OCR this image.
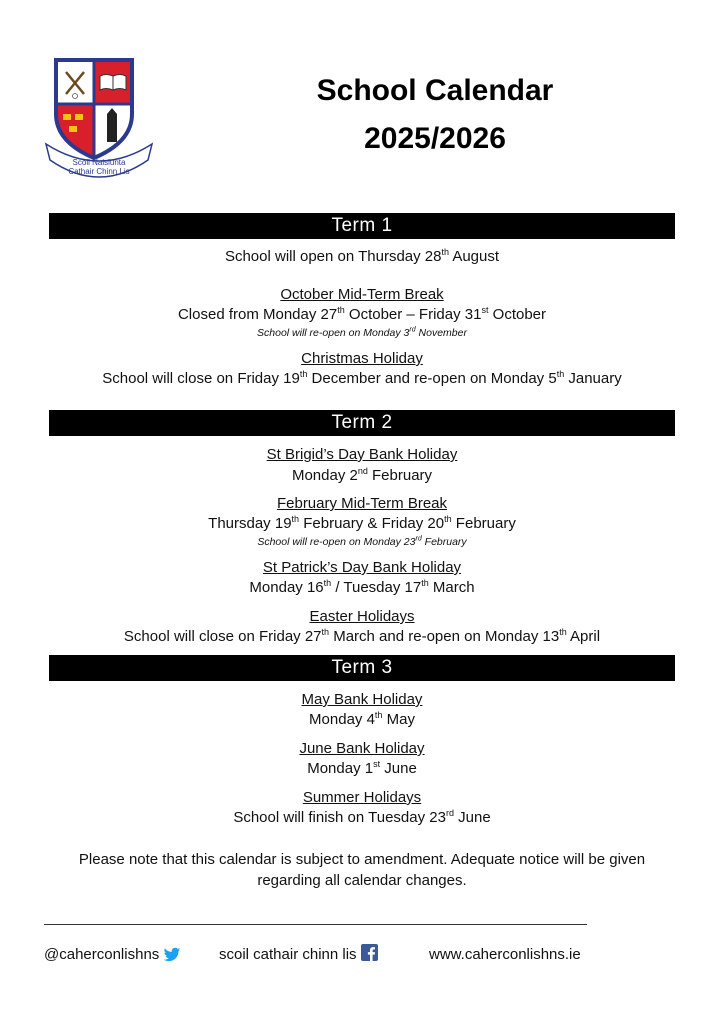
Scoil Naisiunta
Cathair Chinn Lis
School Calendar
2025/2026
Term 1
School will open on Thursday 28th August
October Mid-Term Break
Closed from Monday 27th October – Friday 31st October
School will re-open on Monday 3rd November
Christmas Holiday
School will close on Friday 19th December and re-open on Monday 5th January
Term 2
St Brigid’s Day Bank Holiday
Monday 2nd February
February Mid-Term Break
Thursday 19th February & Friday 20th February
School will re-open on Monday 23rd February
St Patrick’s Day Bank Holiday
Monday 16th / Tuesday 17th March
Easter Holidays
School will close on Friday 27th March and re-open on Monday 13th April
Term 3
May Bank Holiday
Monday 4th May
June Bank Holiday
Monday 1st June
Summer Holidays
School will finish on Tuesday 23rd June
Please note that this calendar is subject to amendment. Adequate notice will be given
regarding all calendar changes.
@caherconlishns	scoil cathair chinn lis	www.caherconlishns.ie
